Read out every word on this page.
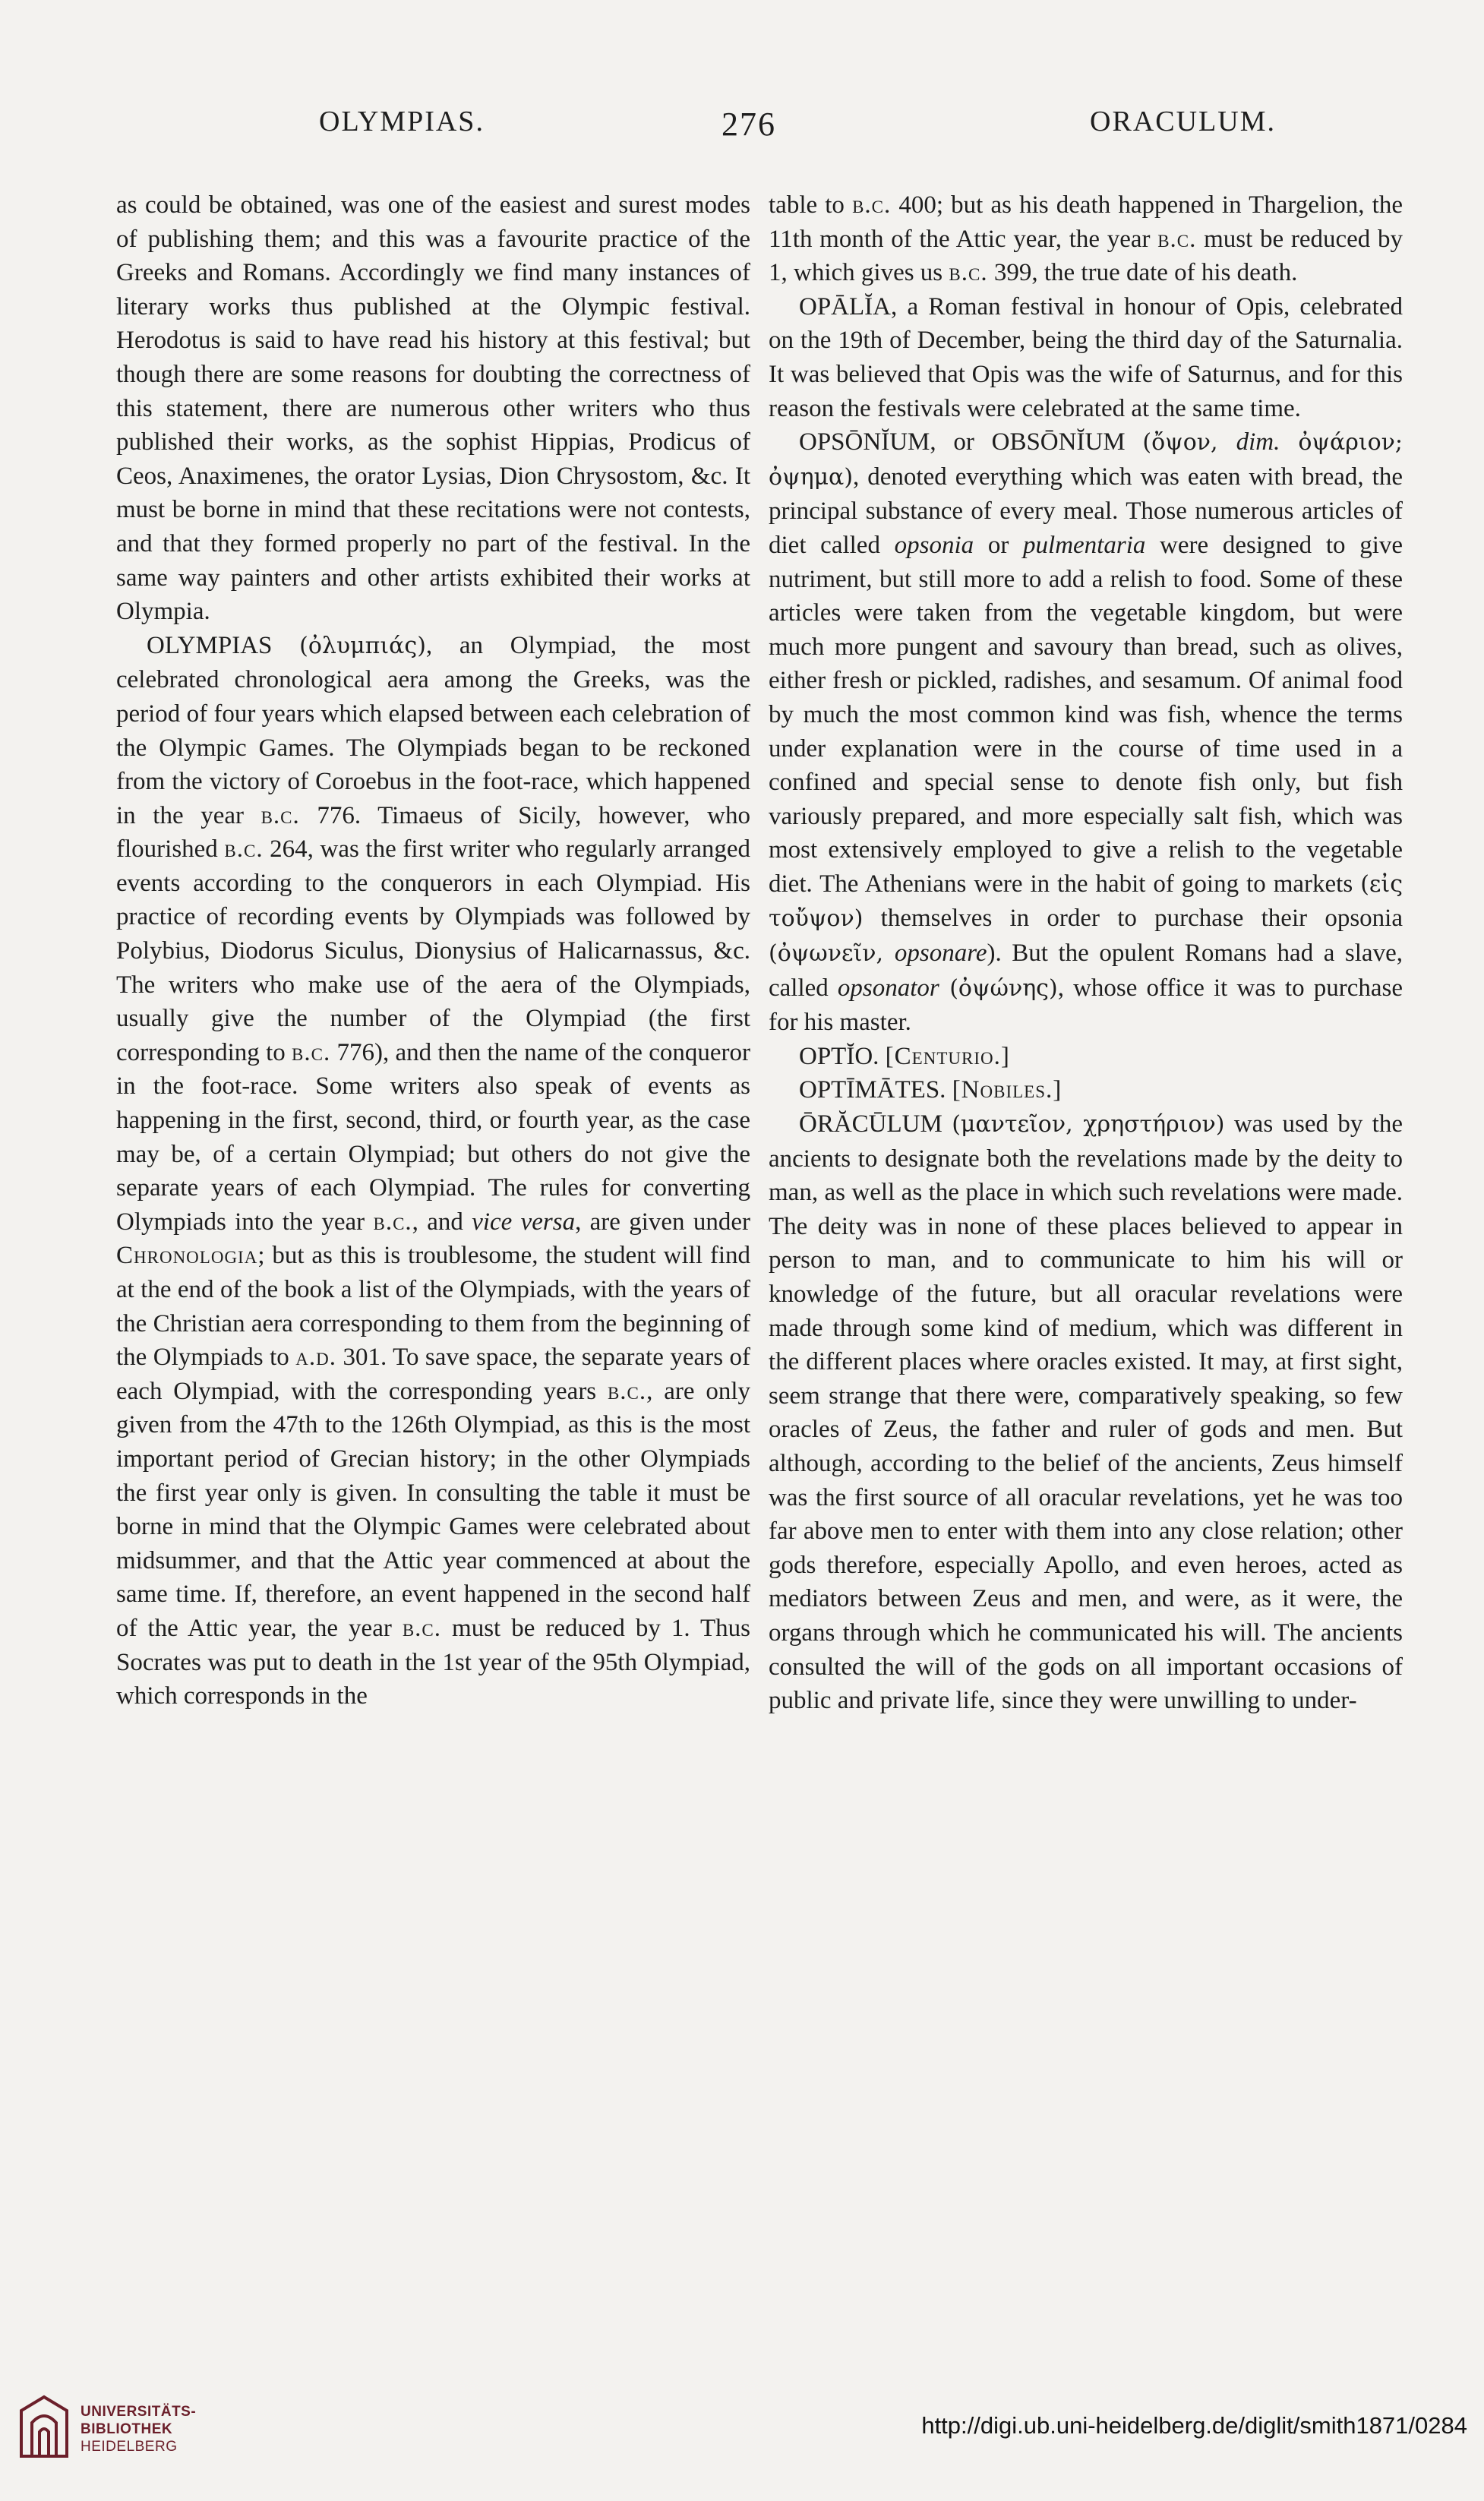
OLYMPIAS.	276	ORACULUM.

as could be obtained, was one of the easiest and surest modes of publishing them; and this was a favourite practice of the Greeks and Romans. Accordingly we find many instances of literary works thus published at the Olympic festival. Herodotus is said to have read his history at this festival; but though there are some reasons for doubting the correctness of this statement, there are numerous other writers who thus published their works, as the sophist Hippias, Prodicus of Ceos, Anaximenes, the orator Lysias, Dion Chrysostom, &c. It must be borne in mind that these recitations were not contests, and that they formed properly no part of the festival. In the same way painters and other artists exhibited their works at Olympia.

OLYMPIAS (ὀλυμπιάς), an Olympiad, the most celebrated chronological aera among the Greeks, was the period of four years which elapsed between each celebration of the Olympic Games. The Olympiads began to be reckoned from the victory of Coroebus in the foot-race, which happened in the year b.c. 776. Timaeus of Sicily, however, who flourished b.c. 264, was the first writer who regularly arranged events according to the conquerors in each Olympiad. His practice of recording events by Olympiads was followed by Polybius, Diodorus Siculus, Dionysius of Halicarnassus, &c. The writers who make use of the aera of the Olympiads, usually give the number of the Olympiad (the first corresponding to b.c. 776), and then the name of the conqueror in the foot-race. Some writers also speak of events as happening in the first, second, third, or fourth year, as the case may be, of a certain Olympiad; but others do not give the separate years of each Olympiad. The rules for converting Olympiads into the year b.c., and vice versa, are given under Chronologia; but as this is troublesome, the student will find at the end of the book a list of the Olympiads, with the years of the Christian aera corresponding to them from the beginning of the Olympiads to a.d. 301. To save space, the separate years of each Olympiad, with the corresponding years b.c., are only given from the 47th to the 126th Olympiad, as this is the most important period of Grecian history; in the other Olympiads the first year only is given. In consulting the table it must be borne in mind that the Olympic Games were celebrated about midsummer, and that the Attic year commenced at about the same time. If, therefore, an event happened in the second half of the Attic year, the year b.c. must be reduced by 1. Thus Socrates was put to death in the 1st year of the 95th Olympiad, which corresponds in the

table to b.c. 400; but as his death happened in Thargelion, the 11th month of the Attic year, the year b.c. must be reduced by 1, which gives us b.c. 399, the true date of his death.

OPĀLĬA, a Roman festival in honour of Opis, celebrated on the 19th of December, being the third day of the Saturnalia. It was believed that Opis was the wife of Saturnus, and for this reason the festivals were celebrated at the same time.

OPSŌNĬUM, or OBSŌNĬUM (ὄψον, dim. ὀψάριον; ὀψημα), denoted everything which was eaten with bread, the principal substance of every meal. Those numerous articles of diet called opsonia or pulmentaria were designed to give nutriment, but still more to add a relish to food. Some of these articles were taken from the vegetable kingdom, but were much more pungent and savoury than bread, such as olives, either fresh or pickled, radishes, and sesamum. Of animal food by much the most common kind was fish, whence the terms under explanation were in the course of time used in a confined and special sense to denote fish only, but fish variously prepared, and more especially salt fish, which was most extensively employed to give a relish to the vegetable diet. The Athenians were in the habit of going to markets (εἰς τοὔψον) themselves in order to purchase their opsonia (ὀψωνεῖν, opsonare). But the opulent Romans had a slave, called opsonator (ὀψώνης), whose office it was to purchase for his master.

OPTĬO. [Centurio.]

OPTĪMĀTES. [Nobiles.]

ŌRĂCŪLUM (μαντεῖον, χρηστήριον) was used by the ancients to designate both the revelations made by the deity to man, as well as the place in which such revelations were made. The deity was in none of these places believed to appear in person to man, and to communicate to him his will or knowledge of the future, but all oracular revelations were made through some kind of medium, which was different in the different places where oracles existed. It may, at first sight, seem strange that there were, comparatively speaking, so few oracles of Zeus, the father and ruler of gods and men. But although, according to the belief of the ancients, Zeus himself was the first source of all oracular revelations, yet he was too far above men to enter with them into any close relation; other gods therefore, especially Apollo, and even heroes, acted as mediators between Zeus and men, and were, as it were, the organs through which he communicated his will. The ancients consulted the will of the gods on all important occasions of public and private life, since they were unwilling to under-

UNIVERSITÄTS-
BIBLIOTHEK
HEIDELBERG
http://digi.ub.uni-heidelberg.de/diglit/smith1871/0284
